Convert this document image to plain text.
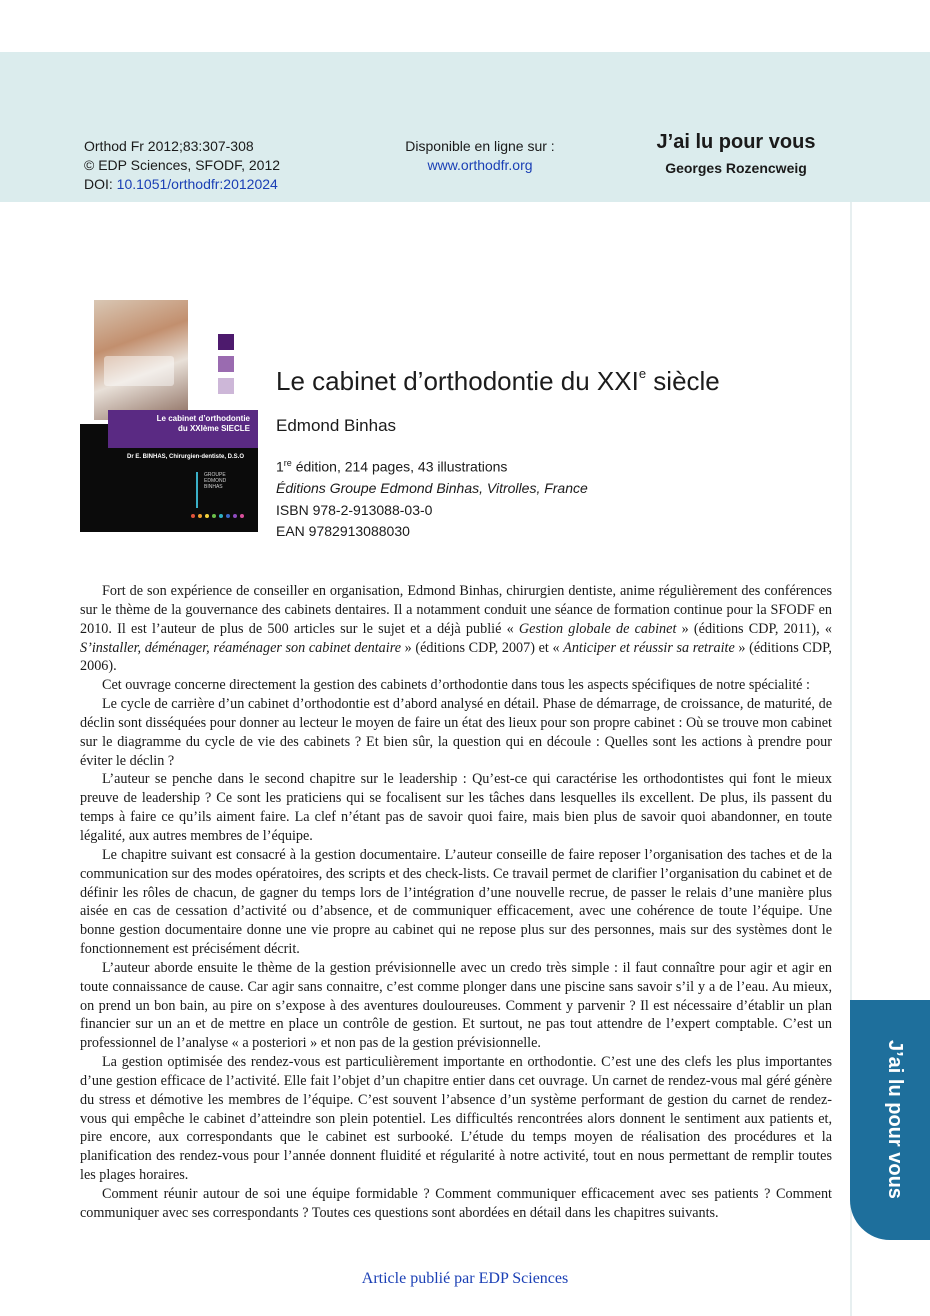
Orthod Fr 2012;83:307-308
© EDP Sciences, SFODF, 2012
DOI: 10.1051/orthodfr:2012024
Disponible en ligne sur :
www.orthodfr.org
J’ai lu pour vous
Georges Rozencweig
Dr E. BINHAS, Chirurgien-dentiste, D.S.O
GROUPE
EDMOND
BINHAS
Le cabinet d’orthodontie
du XXIème SIECLE
Le cabinet d’orthodontie du XXIe siècle
Edmond Binhas
1re édition, 214 pages, 43 illustrations
Éditions Groupe Edmond Binhas, Vitrolles, France
ISBN 978-2-913088-03-0
EAN 9782913088030

Fort de son expérience de conseiller en organisation, Edmond Binhas, chirurgien dentiste, anime régulièrement des conférences sur le thème de la gouvernance des cabinets dentaires. Il a notamment conduit une séance de formation continue pour la SFODF en 2010. Il est l’auteur de plus de 500 articles sur le sujet et a déjà publié « Gestion globale de cabinet » (éditions CDP, 2011), « S’installer, déménager, réaménager son cabinet dentaire » (éditions CDP, 2007) et « Anticiper et réussir sa retraite » (éditions CDP, 2006).

Cet ouvrage concerne directement la gestion des cabinets d’orthodontie dans tous les aspects spécifiques de notre spécialité :

Le cycle de carrière d’un cabinet d’orthodontie est d’abord analysé en détail. Phase de démarrage, de croissance, de maturité, de déclin sont disséquées pour donner au lecteur le moyen de faire un état des lieux pour son propre cabinet : Où se trouve mon cabinet sur le diagramme du cycle de vie des cabinets ? Et bien sûr, la question qui en découle : Quelles sont les actions à prendre pour éviter le déclin ?

L’auteur se penche dans le second chapitre sur le leadership : Qu’est-ce qui caractérise les orthodontistes qui font le mieux preuve de leadership ? Ce sont les praticiens qui se focalisent sur les tâches dans lesquelles ils excellent. De plus, ils passent du temps à faire ce qu’ils aiment faire. La clef n’étant pas de savoir quoi faire, mais bien plus de savoir quoi abandonner, en toute légalité, aux autres membres de l’équipe.

Le chapitre suivant est consacré à la gestion documentaire. L’auteur conseille de faire reposer l’organisation des taches et de la communication sur des modes opératoires, des scripts et des check-lists. Ce travail permet de clarifier l’organisation du cabinet et de définir les rôles de chacun, de gagner du temps lors de l’intégration d’une nouvelle recrue, de passer le relais d’une manière plus aisée en cas de cessation d’activité ou d’absence, et de communiquer efficacement, avec une cohérence de toute l’équipe. Une bonne gestion documentaire donne une vie propre au cabinet qui ne repose plus sur des personnes, mais sur des systèmes dont le fonctionnement est précisément décrit.

L’auteur aborde ensuite le thème de la gestion prévisionnelle avec un credo très simple : il faut connaître pour agir et agir en toute connaissance de cause. Car agir sans connaitre, c’est comme plonger dans une piscine sans savoir s’il y a de l’eau. Au mieux, on prend un bon bain, au pire on s’expose à des aventures douloureuses. Comment y parvenir ? Il est nécessaire d’établir un plan financier sur un an et de mettre en place un contrôle de gestion. Et surtout, ne pas tout attendre de l’expert comptable. C’est un professionnel de l’analyse « a posteriori » et non pas de la gestion prévisionnelle.

La gestion optimisée des rendez-vous est particulièrement importante en orthodontie. C’est une des clefs les plus importantes d’une gestion efficace de l’activité. Elle fait l’objet d’un chapitre entier dans cet ouvrage. Un carnet de rendez-vous mal géré génère du stress et démotive les membres de l’équipe. C’est souvent l’absence d’un système performant de gestion du carnet de rendez-vous qui empêche le cabinet d’atteindre son plein potentiel. Les difficultés rencontrées alors donnent le sentiment aux patients et, pire encore, aux correspondants que le cabinet est surbooké. L’étude du temps moyen de réalisation des procédures et la planification des rendez-vous pour l’année donnent fluidité et régularité à notre activité, tout en nous permettant de remplir toutes les plages horaires.

Comment réunir autour de soi une équipe formidable ? Comment communiquer efficacement avec ses patients ? Comment communiquer avec ses correspondants ? Toutes ces questions sont abordées en détail dans les chapitres suivants.

Article publié par EDP Sciences
J’ai lu pour vous
